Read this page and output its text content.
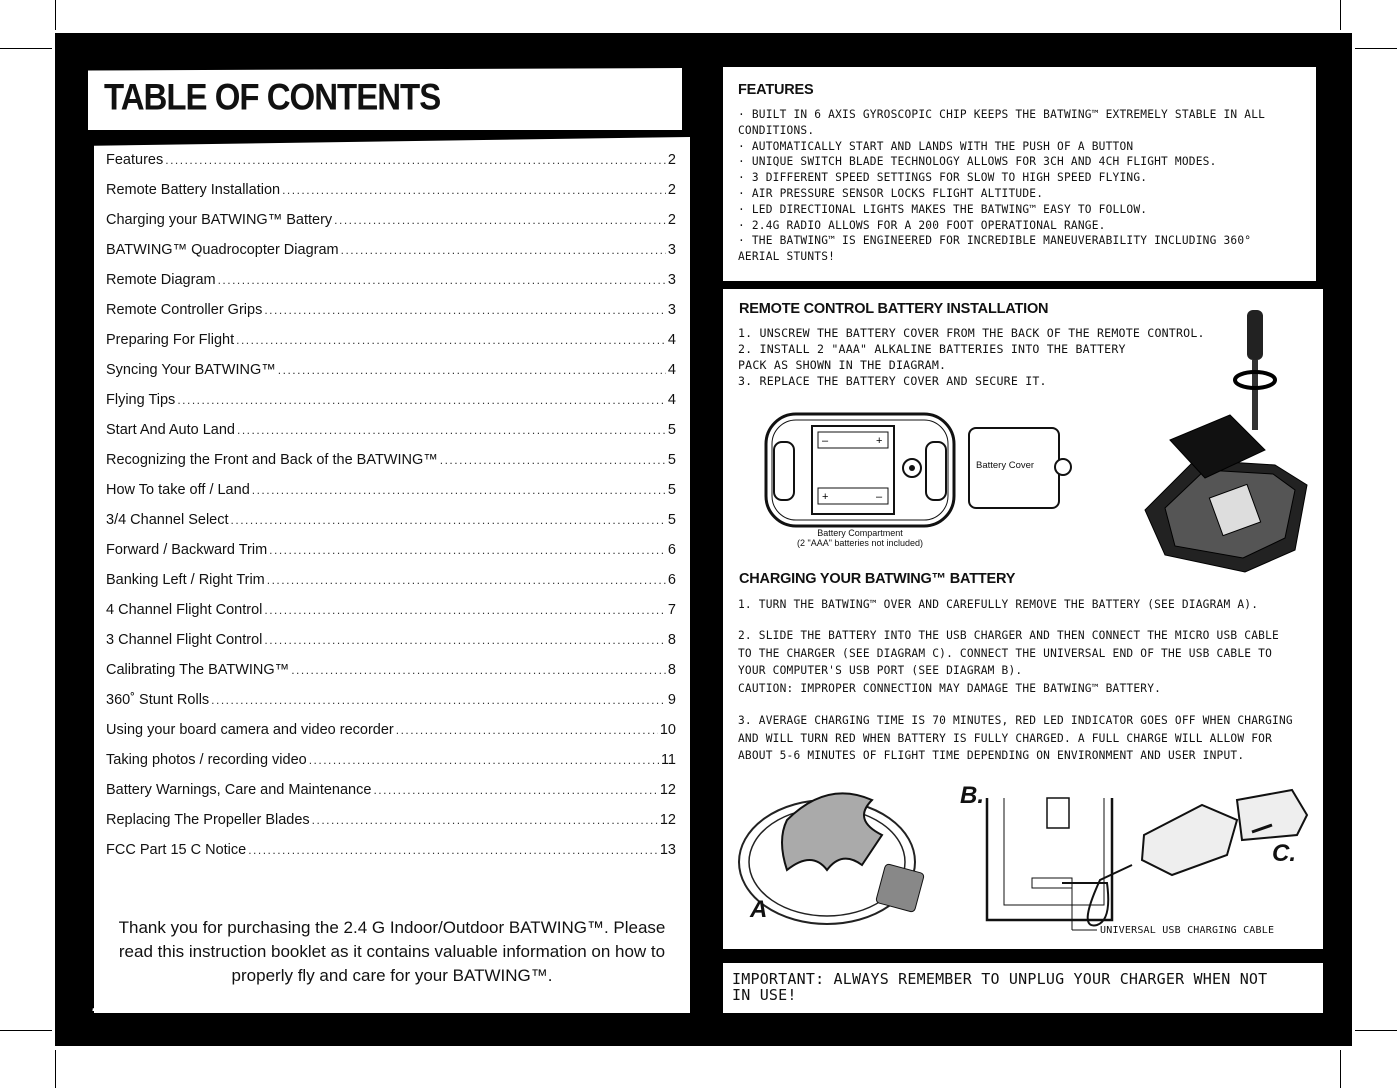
TABLE OF CONTENTS
Features .....	2
Remote Battery Installation .....	2
Charging your BATWING™ Battery .....	2
BATWING™ Quadrocopter Diagram .....	3
Remote Diagram .....	3
Remote Controller Grips .....	3
Preparing For Flight .....	4
Syncing Your BATWING™ .....	4
Flying Tips .....	4
Start And Auto Land .....	5
Recognizing the Front and Back of the BATWING™ .....	5
How To take off / Land .....	5
3/4 Channel Select .....	5
Forward / Backward Trim .....	6
Banking Left / Right Trim .....	6
4 Channel Flight Control .....	7
3 Channel Flight Control .....	8
Calibrating The BATWING™ .....	8
360˚ Stunt Rolls .....	9
Using your board camera and video recorder .....	10
Taking photos / recording video .....	11
Battery Warnings, Care and Maintenance .....	12
Replacing The Propeller Blades .....	12
FCC Part 15 C Notice .....	13
Thank you for purchasing the 2.4 G Indoor/Outdoor BATWING™. Please read this instruction booklet as it contains valuable information on how to properly fly and care for your BATWING™.
1
FEATURES
· BUILT IN 6 AXIS GYROSCOPIC CHIP KEEPS THE BATWING™ EXTREMELY STABLE IN ALL CONDITIONS.
· AUTOMATICALLY START AND LANDS WITH THE PUSH OF A BUTTON
· UNIQUE SWITCH BLADE TECHNOLOGY ALLOWS FOR 3CH AND 4CH FLIGHT MODES.
· 3 DIFFERENT SPEED SETTINGS FOR SLOW TO HIGH SPEED FLYING.
· AIR PRESSURE SENSOR LOCKS FLIGHT ALTITUDE.
· LED DIRECTIONAL LIGHTS MAKES THE BATWING™ EASY TO FOLLOW.
· 2.4G RADIO ALLOWS FOR A 200 FOOT OPERATIONAL RANGE.
· THE BATWING™ IS ENGINEERED FOR INCREDIBLE MANEUVERABILITY INCLUDING 360° AERIAL STUNTS!
REMOTE CONTROL BATTERY INSTALLATION
1. UNSCREW THE BATTERY COVER FROM THE BACK OF THE REMOTE CONTROL.
2. INSTALL 2 "AAA" ALKALINE BATTERIES INTO THE BATTERY PACK AS SHOWN IN THE DIAGRAM.
3. REPLACE THE BATTERY COVER AND SECURE IT.
–	+
+	–
Battery Compartment
(2 "AAA" batteries not included)
Battery Cover
CHARGING YOUR BATWING™ BATTERY

1. TURN THE BATWING™ OVER AND CAREFULLY REMOVE THE BATTERY (SEE DIAGRAM A).

2. SLIDE THE BATTERY INTO THE USB CHARGER AND THEN CONNECT THE MICRO USB CABLE TO THE CHARGER (SEE DIAGRAM C). CONNECT THE UNIVERSAL END OF THE USB CABLE TO YOUR COMPUTER'S USB PORT (SEE DIAGRAM B).

CAUTION: IMPROPER CONNECTION MAY DAMAGE THE BATWING™ BATTERY.

3. AVERAGE CHARGING TIME IS 70 MINUTES, RED LED INDICATOR GOES OFF WHEN CHARGING AND WILL TURN RED WHEN BATTERY IS FULLY CHARGED. A FULL CHARGE WILL ALLOW FOR ABOUT 5-6 MINUTES OF FLIGHT TIME DEPENDING ON ENVIRONMENT AND USER INPUT.

A
B.
C.
UNIVERSAL USB CHARGING CABLE
IMPORTANT: ALWAYS REMEMBER TO UNPLUG YOUR CHARGER WHEN NOT IN USE!	2
